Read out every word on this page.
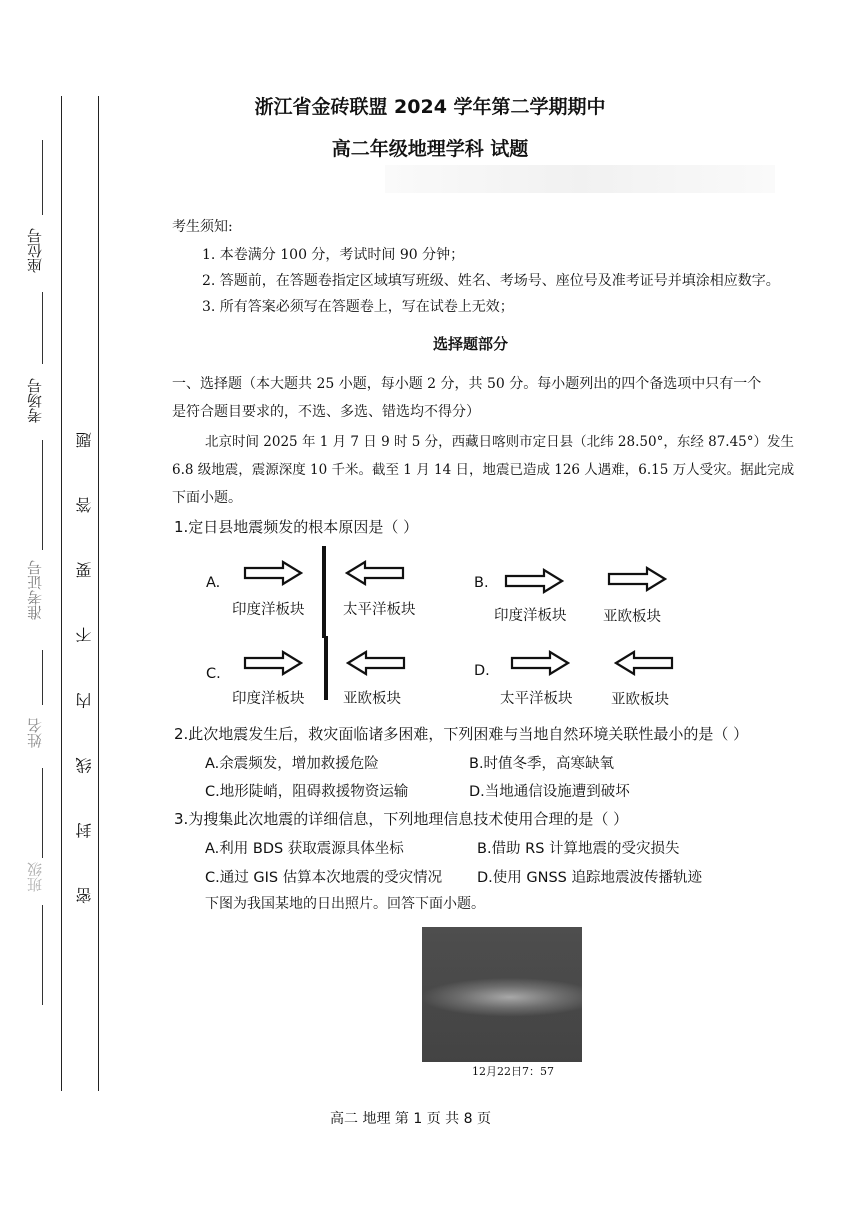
座位号
考场号
准考证号
姓名
班级 密 封 线 内 不 要 答 题
浙江省金砖联盟 2024 学年第二学期期中
高二年级地理学科 试题
考生须知:
1. 本卷满分 100 分，考试时间 90 分钟；
2. 答题前，在答题卷指定区域填写班级、姓名、考场号、座位号及准考证号并填涂相应数字。
3. 所有答案必须写在答题卷上，写在试卷上无效；
选择题部分
一、选择题（本大题共 25 小题，每小题 2 分，共 50 分。每小题列出的四个备选项中只有一个
是符合题目要求的，不选、多选、错选均不得分）
北京时间 2025 年 1 月 7 日 9 时 5 分，西藏日喀则市定日县（北纬 28.50°，东经 87.45°）发生
6.8 级地震，震源深度 10 千米。截至 1 月 14 日，地震已造成 126 人遇难，6.15 万人受灾。据此完成
下面小题。
1.定日县地震频发的根本原因是（ ）
A.
印度洋板块	太平洋板块
B.
印度洋板块	亚欧板块
C.
印度洋板块	亚欧板块
D.
太平洋板块	亚欧板块
2.此次地震发生后，救灾面临诸多困难，下列困难与当地自然环境关联性最小的是（ ）
A.余震频发，增加救援危险	B.时值冬季，高寒缺氧
C.地形陡峭，阻碍救援物资运输	D.当地通信设施遭到破坏
3.为搜集此次地震的详细信息，下列地理信息技术使用合理的是（ ）
A.利用 BDS 获取震源具体坐标	B.借助 RS 计算地震的受灾损失
C.通过 GIS 估算本次地震的受灾情况 D.使用 GNSS 追踪地震波传播轨迹
下图为我国某地的日出照片。回答下面小题。
12月22日7：57
高二 地理 第 1 页 共 8 页
